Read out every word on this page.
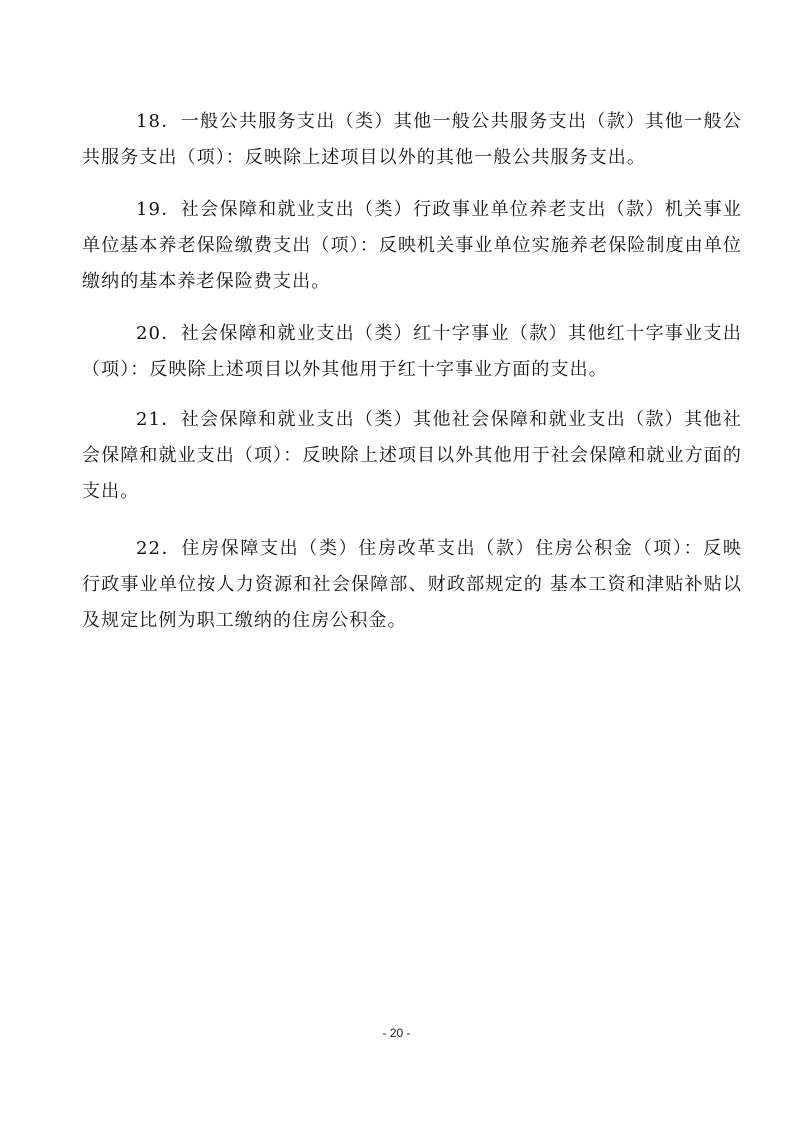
18．一般公共服务支出（类）其他一般公共服务支出（款）其他一般公共服务支出（项）：反映除上述项目以外的其他一般公共服务支出。

19．社会保障和就业支出（类）行政事业单位养老支出（款）机关事业单位基本养老保险缴费支出（项）：反映机关事业单位实施养老保险制度由单位缴纳的基本养老保险费支出。

20．社会保障和就业支出（类）红十字事业（款）其他红十字事业支出（项）：反映除上述项目以外其他用于红十字事业方面的支出。

21．社会保障和就业支出（类）其他社会保障和就业支出（款）其他社会保障和就业支出（项）：反映除上述项目以外其他用于社会保障和就业方面的支出。

22．住房保障支出（类）住房改革支出（款）住房公积金（项）：反映行政事业单位按人力资源和社会保障部、财政部规定的 基本工资和津贴补贴以及规定比例为职工缴纳的住房公积金。

- 20 -
